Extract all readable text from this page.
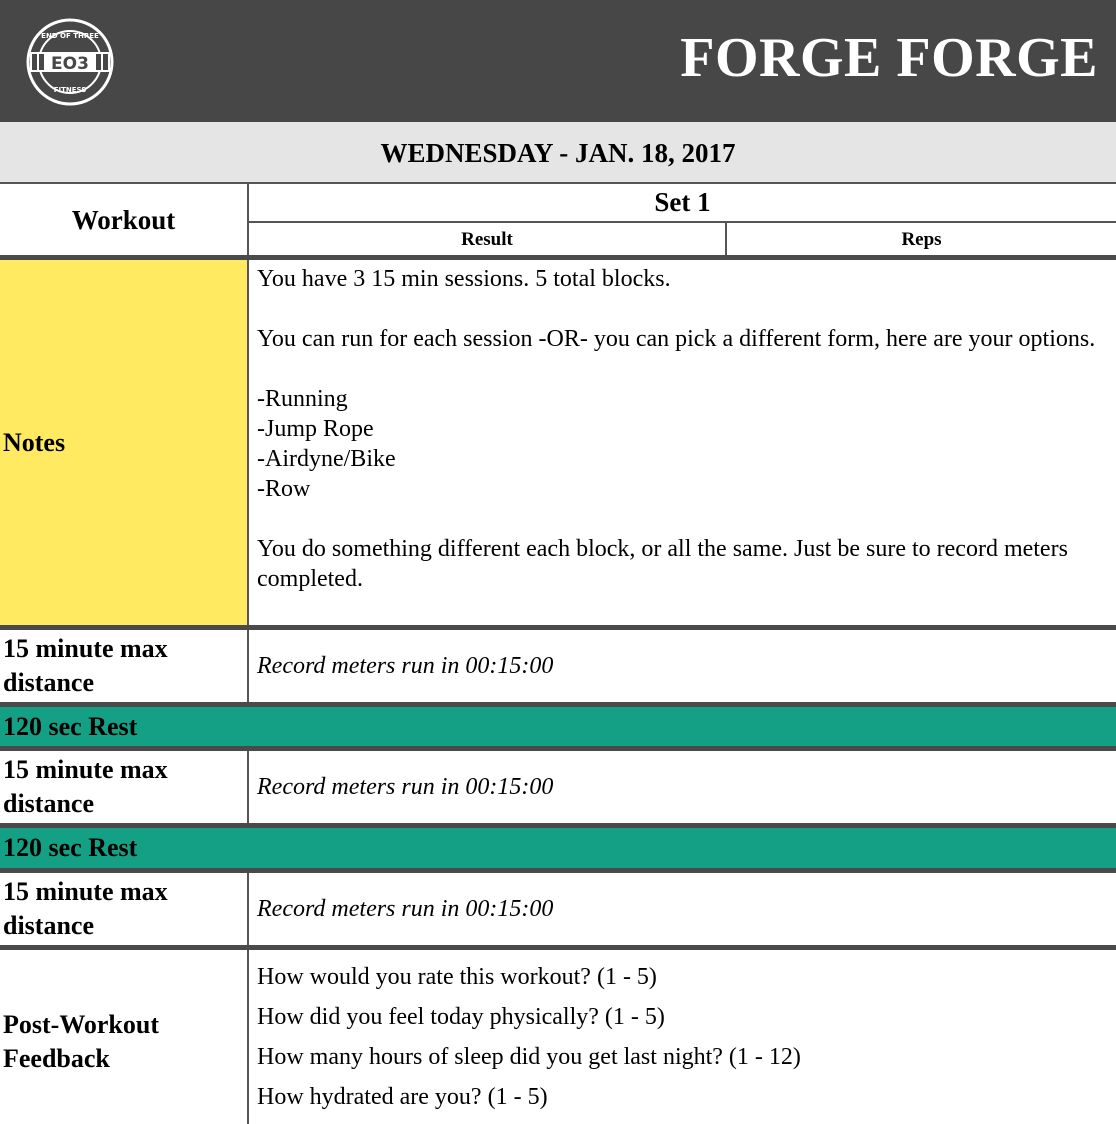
EO3
END OF THREE
FITNESS
FORGE FORGE
WEDNESDAY - JAN. 18, 2017
Workout
Set 1
Result	Reps
Notes

You have 3 15 min sessions. 5 total blocks.

You can run for each session -OR- you can pick a different form, here are your options.

-Running

-Jump Rope

-Airdyne/Bike

-Row

You do something different each block, or all the same. Just be sure to record meters completed.

15 minute max distance
Record meters run in 00:15:00
120 sec Rest
15 minute max distance
Record meters run in 00:15:00
120 sec Rest
15 minute max distance
Record meters run in 00:15:00
Post-Workout Feedback
How would you rate this workout? (1 - 5)
How did you feel today physically? (1 - 5)
How many hours of sleep did you get last night? (1 - 12)
How hydrated are you? (1 - 5)
